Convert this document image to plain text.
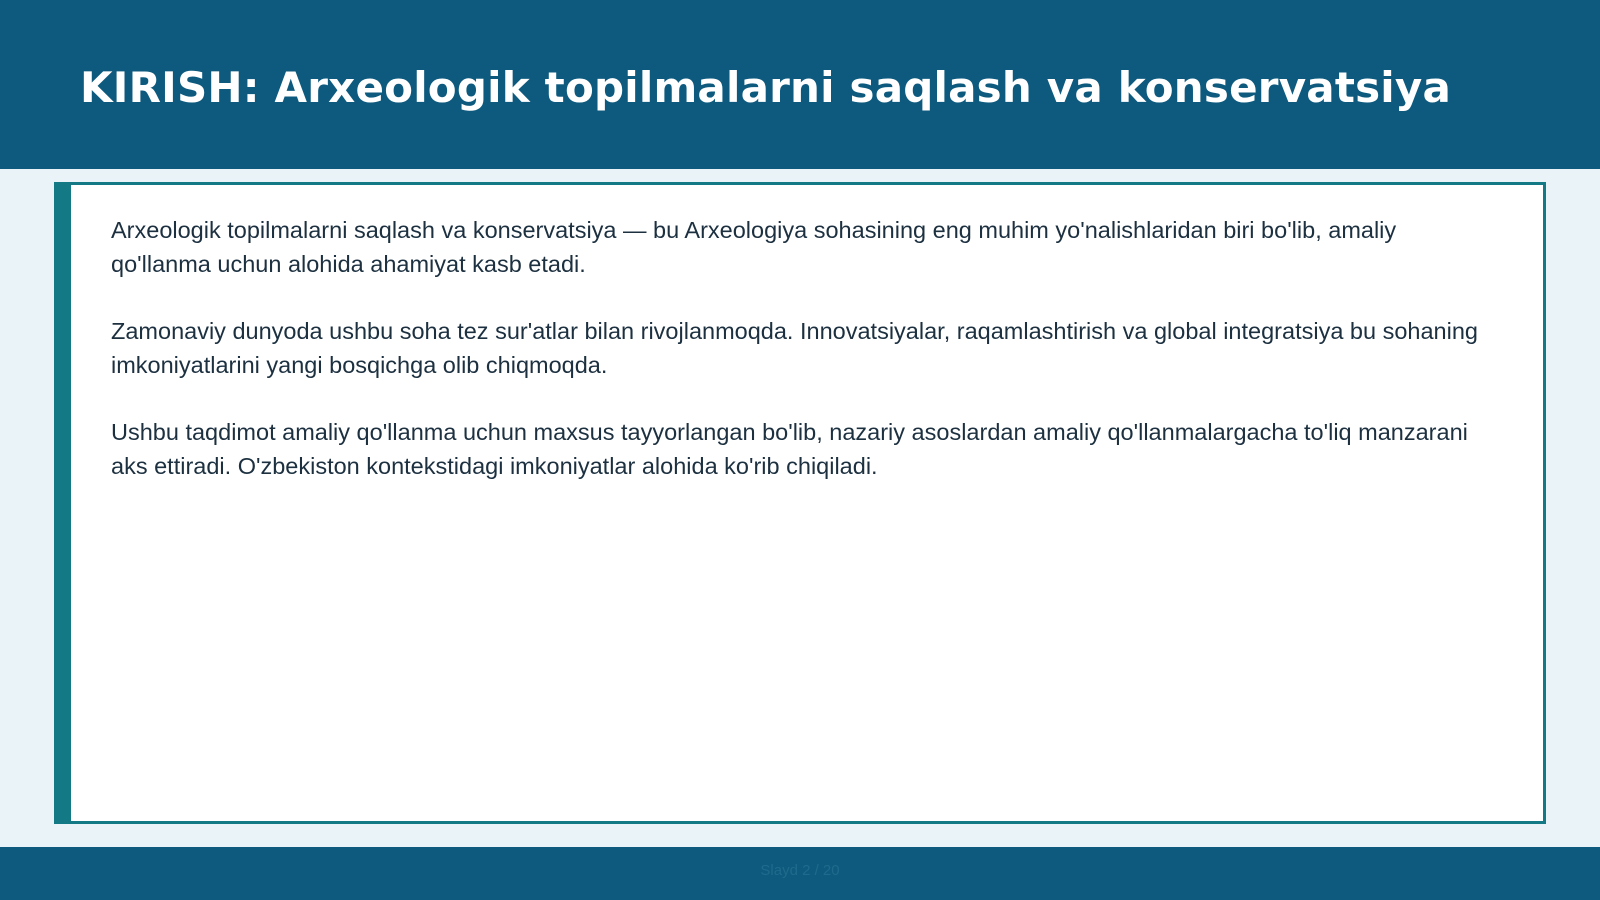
KIRISH: Arxeologik topilmalarni saqlash va konservatsiya

Arxeologik topilmalarni saqlash va konservatsiya — bu Arxeologiya sohasining eng muhim yo'nalishlaridan biri bo'lib, amaliy qo'llanma uchun alohida ahamiyat kasb etadi.

Zamonaviy dunyoda ushbu soha tez sur'atlar bilan rivojlanmoqda. Innovatsiyalar, raqamlashtirish va global integratsiya bu sohaning imkoniyatlarini yangi bosqichga olib chiqmoqda.

Ushbu taqdimot amaliy qo'llanma uchun maxsus tayyorlangan bo'lib, nazariy asoslardan amaliy qo'llanmalargacha to'liq manzarani aks ettiradi. O'zbekiston kontekstidagi imkoniyatlar alohida ko'rib chiqiladi.

Slayd 2 / 20
